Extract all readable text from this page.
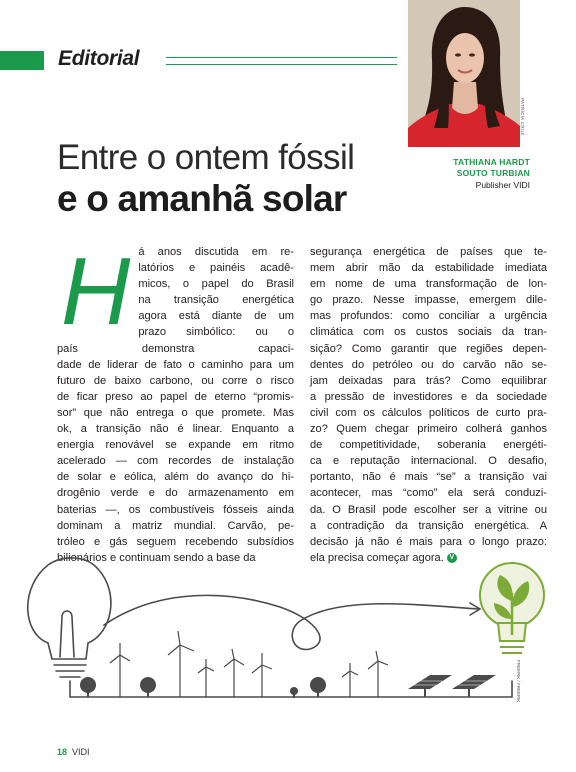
Editorial
PATRÍCIA CRUZ
Entre o ontem fóssil
e o amanhã solar
TATHIANA HARDT
SOUTO TURBIAN
Publisher VIDI
H á anos discutida em re-
latórios e painéis acadê-
micos, o papel do Brasil
na transição energética
agora está diante de um
prazo simbólico: ou o
país demonstra capaci-
dade de liderar de fato o caminho para um
futuro de baixo carbono, ou corre o risco
de ficar preso ao papel de eterno “promis-
sor” que não entrega o que promete. Mas
ok, a transição não é linear. Enquanto a
energia renovável se expande em ritmo
acelerado — com recordes de instalação
de solar e eólica, além do avanço do hi-
drogênio verde e do armazenamento em
baterias —, os combustíveis fósseis ainda
dominam a matriz mundial. Carvão, pe-
tróleo e gás seguem recebendo subsídios
bilionários e continuam sendo a base da
segurança energética de países que te-
mem abrir mão da estabilidade imediata
em nome de uma transformação de lon-
go prazo. Nesse impasse, emergem dile-
mas profundos: como conciliar a urgência
climática com os custos sociais da tran-
sição? Como garantir que regiões depen-
dentes do petróleo ou do carvão não se-
jam deixadas para trás? Como equilibrar
a pressão de investidores e da sociedade
civil com os cálculos políticos de curto pra-
zo? Quem chegar primeiro colherá ganhos
de competitividade, soberania energéti-
ca e reputação internacional. O desafio,
portanto, não é mais “se” a transição vai
acontecer, mas “como” ela será conduzi-
da. O Brasil pode escolher ser a vitrine ou
a contradição da transição energética. A
decisão já não é mais para o longo prazo:
ela precisa começar agora. V
FREEPIK / FREEPIK
18 VIDI
